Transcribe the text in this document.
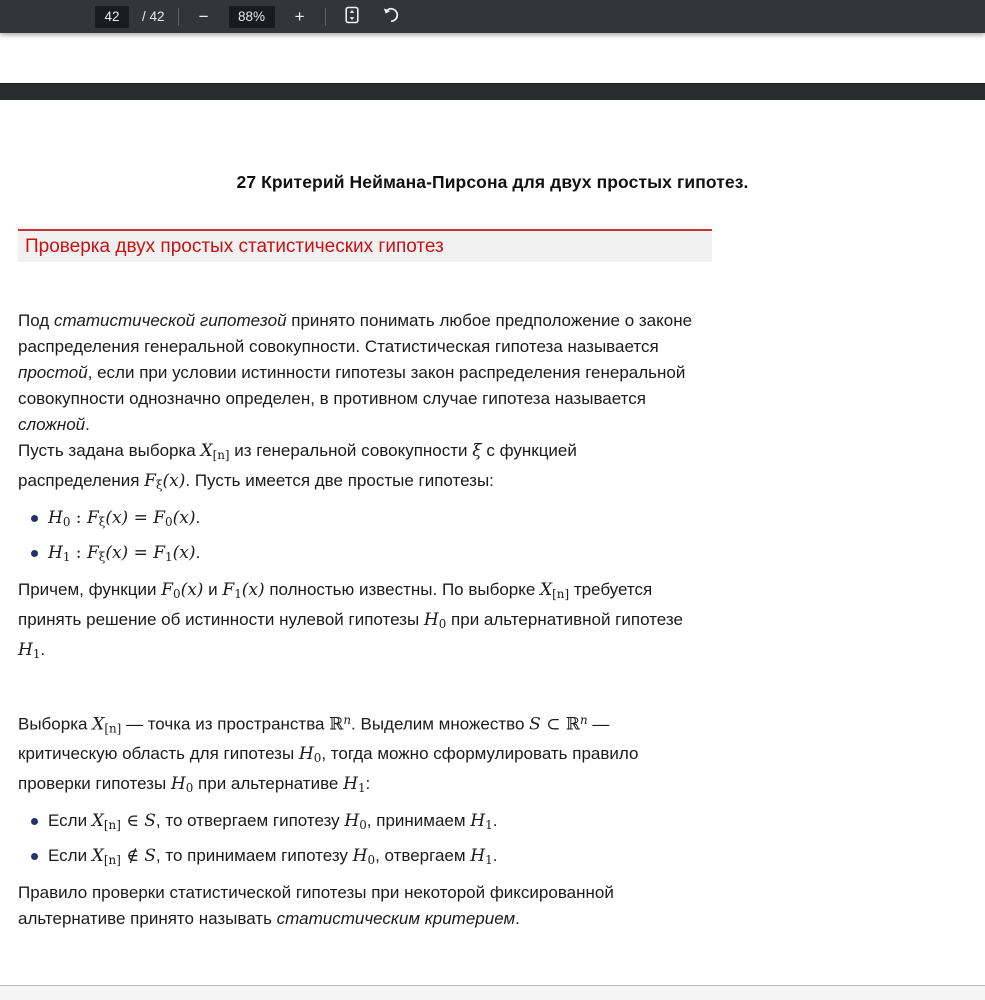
42	/ 42	−	88%	+
27 Критерий Неймана-Пирсона для двух простых гипотез.
Проверка двух простых статистических гипотез

Под статистической гипотезой принято понимать любое предположение о законе распределения генеральной совокупности. Статистическая гипотеза называется простой, если при условии истинности гипотезы закон распределения генеральной совокупности однозначно определен, в противном случае гипотеза называется сложной.

Пусть задана выборка X[n] из генеральной совокупности ξ с функцией распределения Fξ(x). Пусть имеется две простые гипотезы:

H0 : Fξ(x) = F0(x).
H1 : Fξ(x) = F1(x).

Причем, функции F0(x) и F1(x) полностью известны. По выборке X[n] требуется принять решение об истинности нулевой гипотезы H0 при альтернативной гипотезе H1.

Выборка X[n] — точка из пространства ℝ$^n$. Выделим множество S ⊂ ℝ$^n$ — критическую область для гипотезы H0, тогда можно сформулировать правило проверки гипотезы H0 при альтернативе H1:

Если X[n] ∈ S, то отвергаем гипотезу H0, принимаем H1.
Если X[n] ∉ S, то принимаем гипотезу H0, отвергаем H1.

Правило проверки статистической гипотезы при некоторой фиксированной альтернативе принято называть статистическим критерием.
